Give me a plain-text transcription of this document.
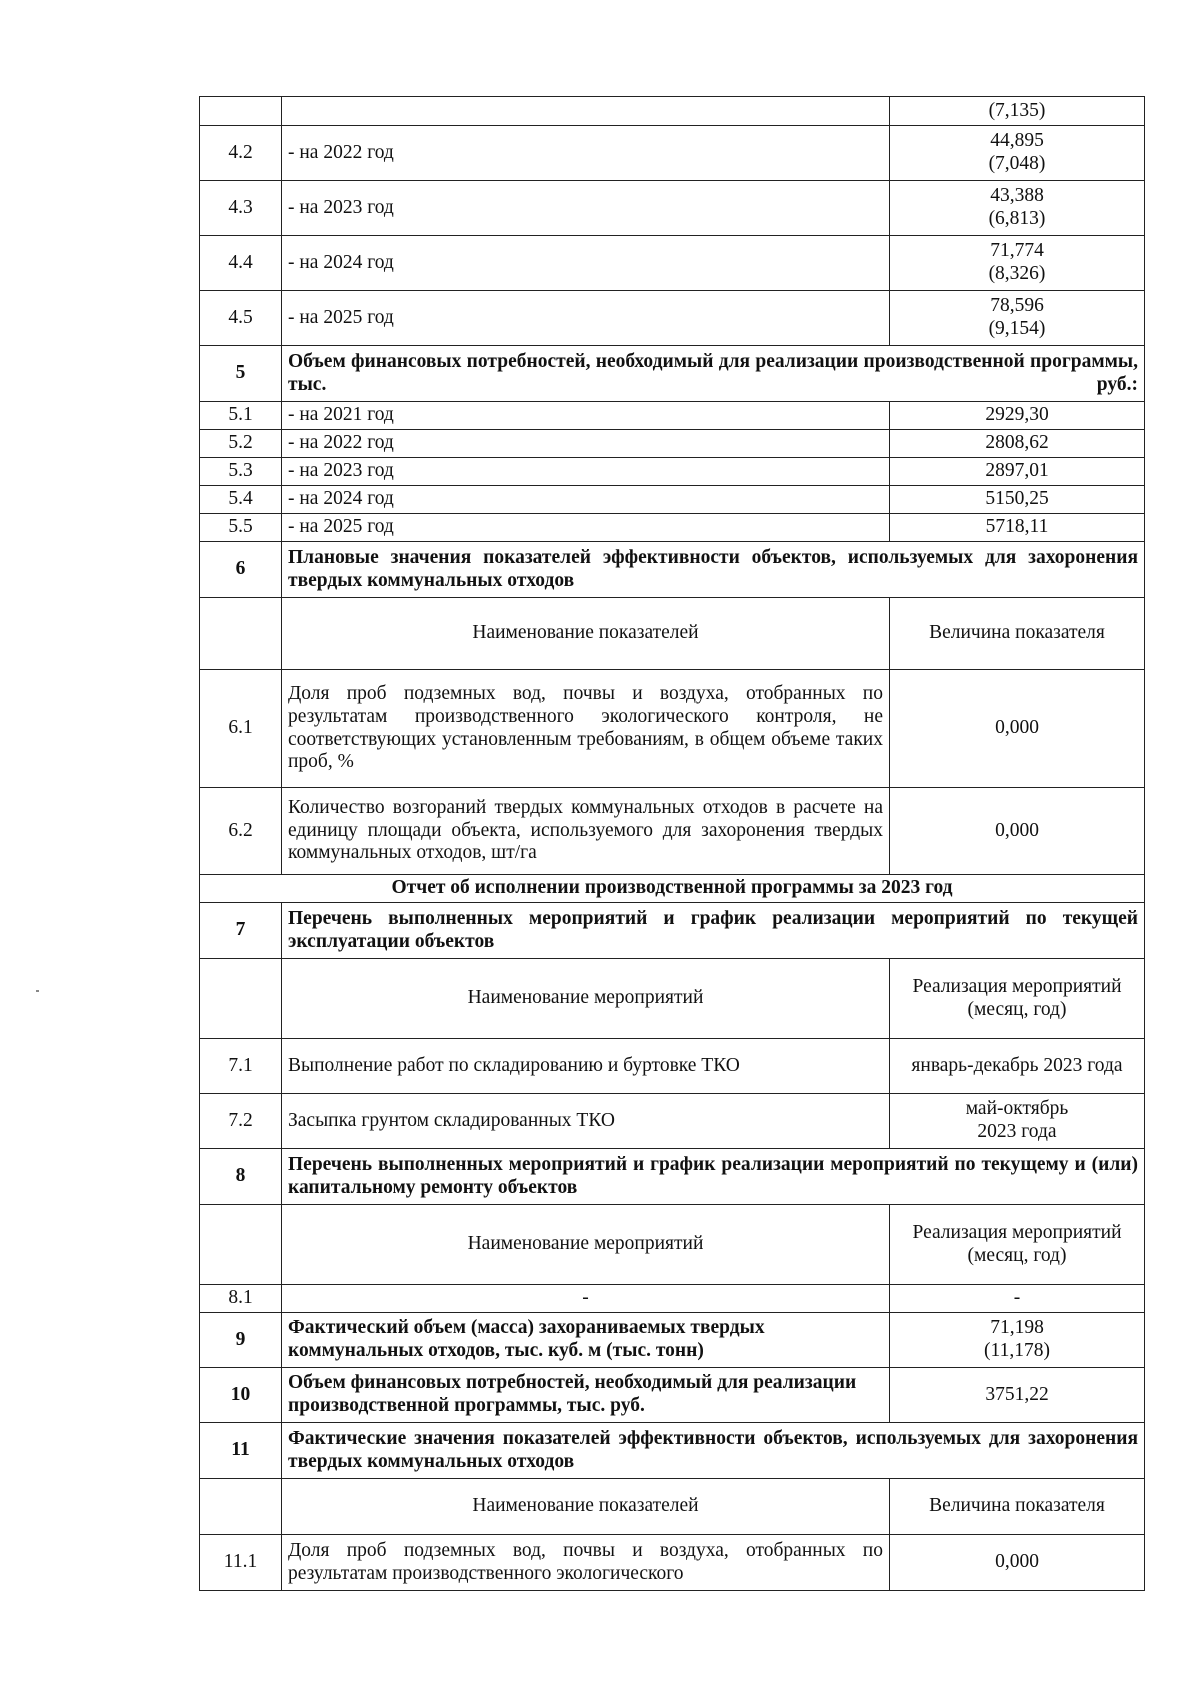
		(7,135)

4.2	- на 2022 год	44,895
(7,048)

4.3	- на 2023 год	43,388
(6,813)

4.4	- на 2024 год	71,774
(8,326)

4.5	- на 2025 год	78,596
(9,154)

5	Объем финансовых потребностей, необходимый для реализации производственной программы, тыс. руб.:	
5.1	- на 2021 год	2929,30
5.2	- на 2022 год	2808,62
5.3	- на 2023 год	2897,01
5.4	- на 2024 год	5150,25
5.5	- на 2025 год	5718,11
6	Плановые значения показателей эффективности объектов, используемых для захоронения твердых коммунальных отходов	
	Наименование показателей	Величина показателя
6.1	Доля проб подземных вод, почвы и воздуха, отобранных по результатам производственного экологического контроля, не соответствующих установленным требованиям, в общем объеме таких проб, %	0,000
6.2	Количество возгораний твердых коммунальных отходов в расчете на единицу площади объекта, используемого для захоронения твердых коммунальных отходов, шт/га	0,000
Отчет об исполнении производственной программы за 2023 год		
7	Перечень выполненных мероприятий и график реализации мероприятий по текущей эксплуатации объектов	
	Наименование мероприятий	Реализация мероприятий (месяц, год)
7.1	Выполнение работ по складированию и буртовке ТКО	январь-декабрь 2023 года
7.2	Засыпка грунтом складированных ТКО	май-октябрь
2023 года

8	Перечень выполненных мероприятий и график реализации мероприятий по текущему и (или) капитальному ремонту объектов	
	Наименование мероприятий	Реализация мероприятий (месяц, год)
8.1	-	-
9	Фактический объем (масса) захораниваемых твердых коммунальных отходов, тыс. куб. м (тыс. тонн)	71,198
(11,178)

10	Объем финансовых потребностей, необходимый для реализации производственной программы, тыс. руб.	3751,22
11	Фактические значения показателей эффективности объектов, используемых для захоронения твердых коммунальных отходов	
	Наименование показателей	Величина показателя
11.1	Доля проб подземных вод, почвы и воздуха, отобранных по результатам производственного экологического	0,000
